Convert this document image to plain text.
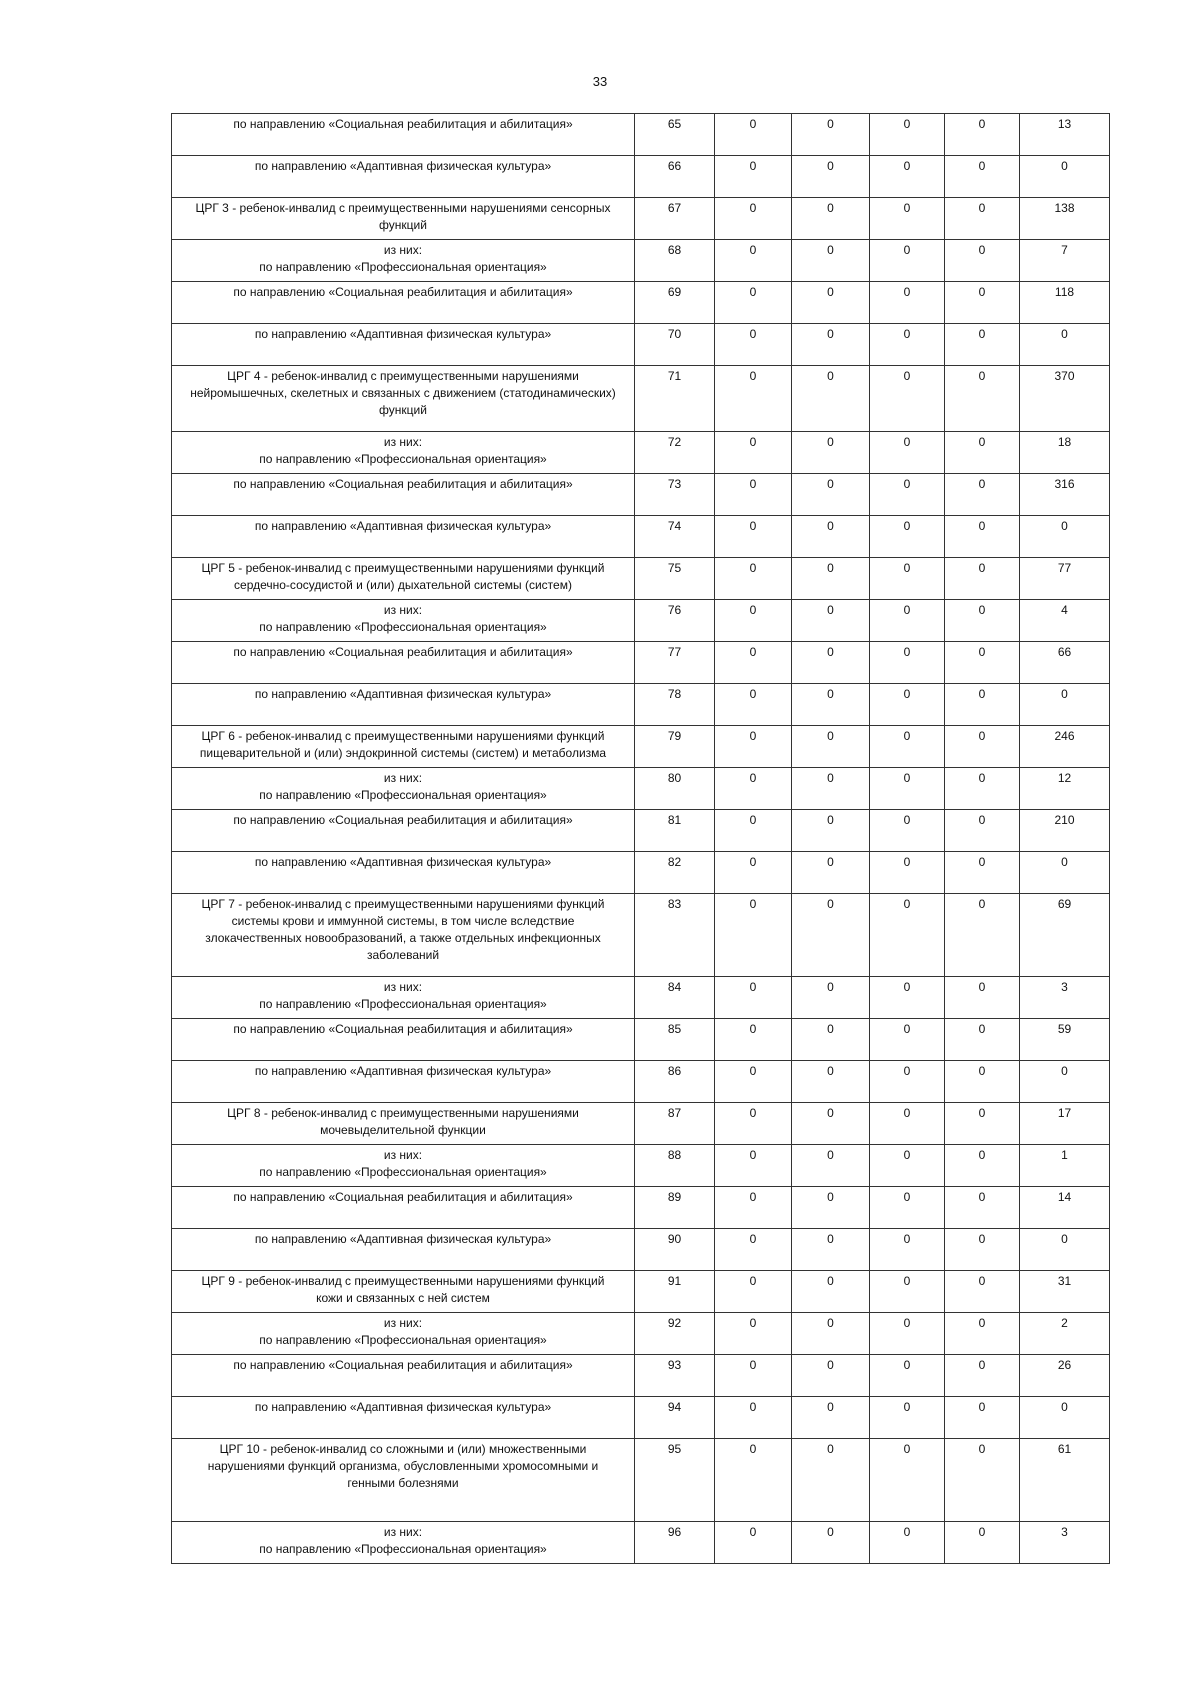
33
по направлению «Социальная реабилитация и абилитация»	65	0	0	0	0	13
по направлению «Адаптивная физическая культура»	66	0	0	0	0	0
ЦРГ 3 - ребенок-инвалид с преимущественными нарушениями сенсорных
функций	67	0	0	0	0	138
из них:
по направлению «Профессиональная ориентация»	68	0	0	0	0	7
по направлению «Социальная реабилитация и абилитация»	69	0	0	0	0	118
по направлению «Адаптивная физическая культура»	70	0	0	0	0	0
ЦРГ 4 - ребенок-инвалид с преимущественными нарушениями
нейромышечных, скелетных и связанных с движением (статодинамических)
функций	71	0	0	0	0	370
из них:
по направлению «Профессиональная ориентация»	72	0	0	0	0	18
по направлению «Социальная реабилитация и абилитация»	73	0	0	0	0	316
по направлению «Адаптивная физическая культура»	74	0	0	0	0	0
ЦРГ 5 - ребенок-инвалид с преимущественными нарушениями функций
сердечно-сосудистой и (или) дыхательной системы (систем)	75	0	0	0	0	77
из них:
по направлению «Профессиональная ориентация»	76	0	0	0	0	4
по направлению «Социальная реабилитация и абилитация»	77	0	0	0	0	66
по направлению «Адаптивная физическая культура»	78	0	0	0	0	0
ЦРГ 6 - ребенок-инвалид с преимущественными нарушениями функций
пищеварительной и (или) эндокринной системы (систем) и метаболизма	79	0	0	0	0	246
из них:
по направлению «Профессиональная ориентация»	80	0	0	0	0	12
по направлению «Социальная реабилитация и абилитация»	81	0	0	0	0	210
по направлению «Адаптивная физическая культура»	82	0	0	0	0	0
ЦРГ 7 - ребенок-инвалид с преимущественными нарушениями функций
системы крови и иммунной системы, в том числе вследствие
злокачественных новообразований, а также отдельных инфекционных
заболеваний	83	0	0	0	0	69
из них:
по направлению «Профессиональная ориентация»	84	0	0	0	0	3
по направлению «Социальная реабилитация и абилитация»	85	0	0	0	0	59
по направлению «Адаптивная физическая культура»	86	0	0	0	0	0
ЦРГ 8 - ребенок-инвалид с преимущественными нарушениями
мочевыделительной функции	87	0	0	0	0	17
из них:
по направлению «Профессиональная ориентация»	88	0	0	0	0	1
по направлению «Социальная реабилитация и абилитация»	89	0	0	0	0	14
по направлению «Адаптивная физическая культура»	90	0	0	0	0	0
ЦРГ 9 - ребенок-инвалид с преимущественными нарушениями функций
кожи и связанных с ней систем	91	0	0	0	0	31
из них:
по направлению «Профессиональная ориентация»	92	0	0	0	0	2
по направлению «Социальная реабилитация и абилитация»	93	0	0	0	0	26
по направлению «Адаптивная физическая культура»	94	0	0	0	0	0
ЦРГ 10 - ребенок-инвалид со сложными и (или) множественными
нарушениями функций организма, обусловленными хромосомными и
генными болезнями	95	0	0	0	0	61
из них:
по направлению «Профессиональная ориентация»	96	0	0	0	0	3
